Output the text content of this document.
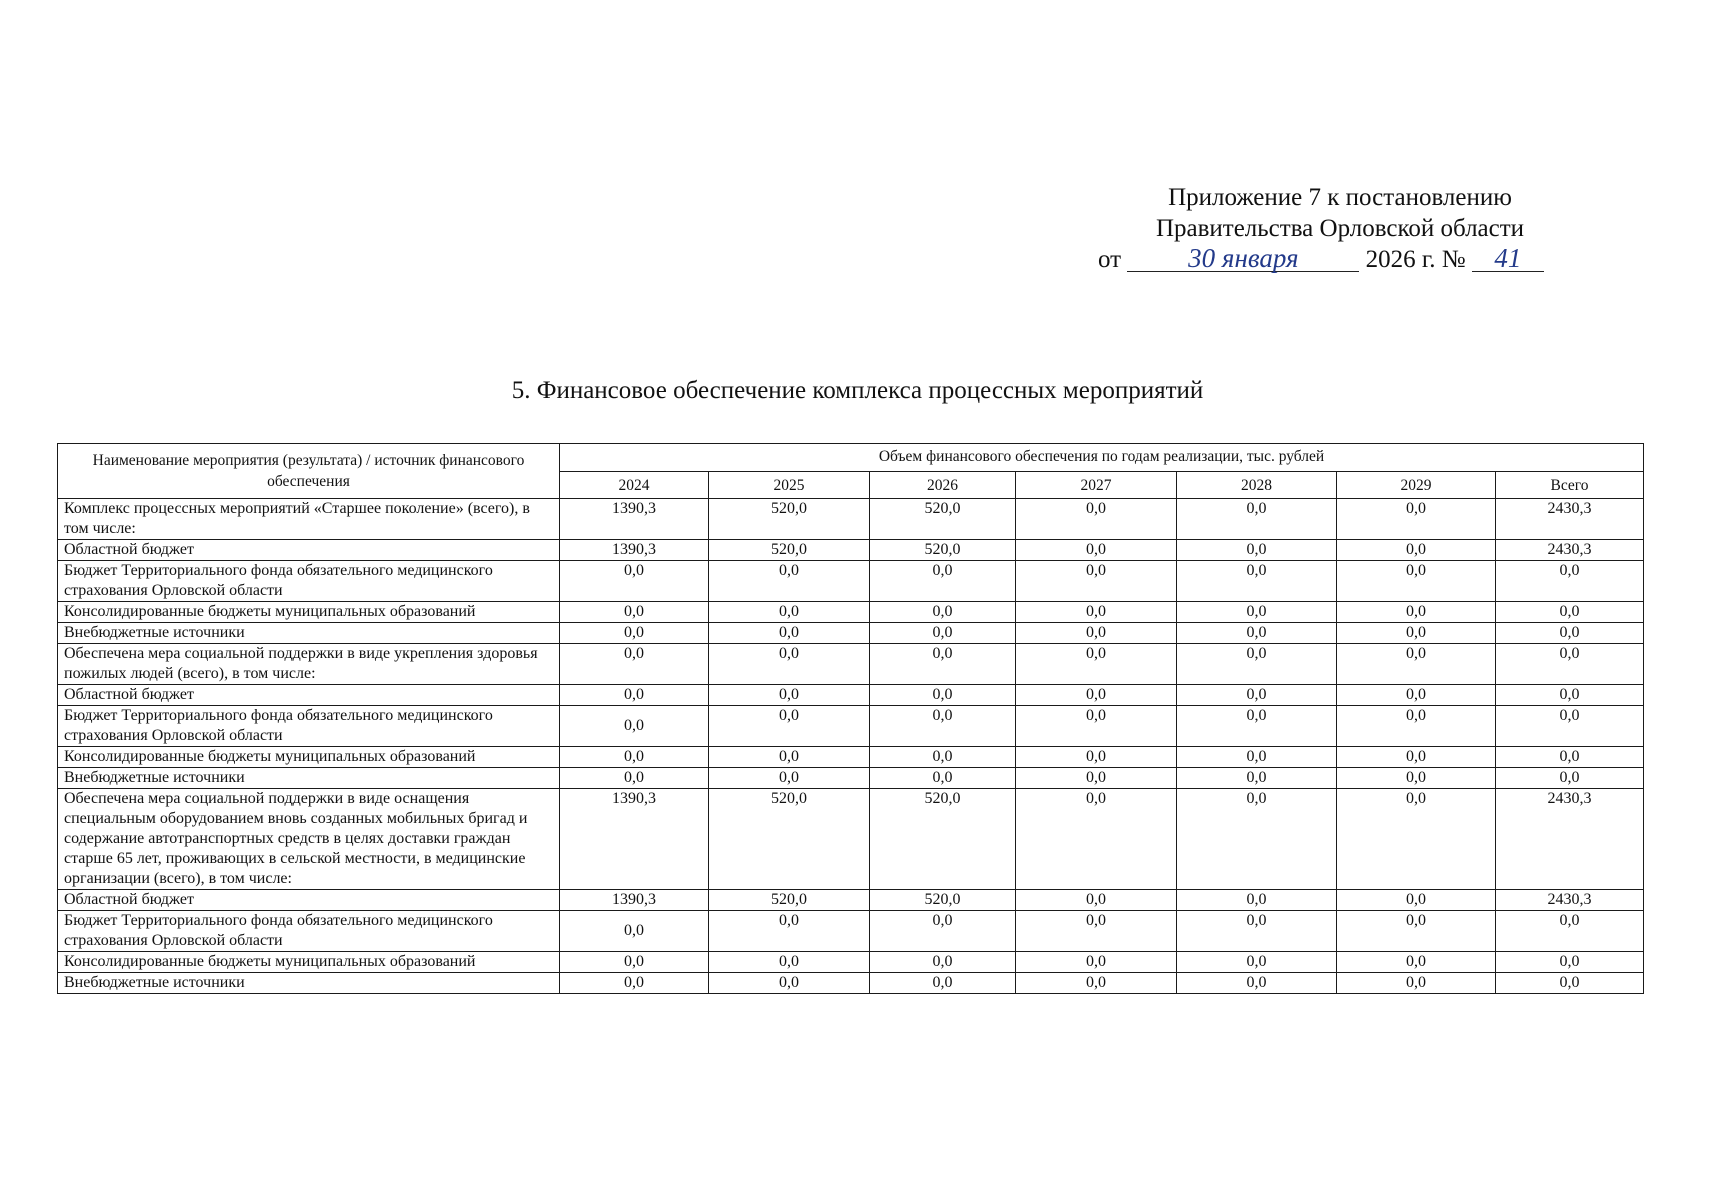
Приложение 7 к постановлению
Правительства Орловской области
от 30 января	2026 г. № 41
5. Финансовое обеспечение комплекса процессных мероприятий
Наименование мероприятия (результата) / источник финансового обеспечения	Объем финансового обеспечения по годам реализации, тыс. рублей						
	2024	2025	2026	2027	2028	2029	Всего
Комплекс процессных мероприятий «Старшее поколение» (всего), в том числе:	1390,3	520,0	520,0	0,0	0,0	0,0	2430,3
Областной бюджет	1390,3	520,0	520,0	0,0	0,0	0,0	2430,3
Бюджет Территориального фонда обязательного медицинского страхования Орловской области	0,0	0,0	0,0	0,0	0,0	0,0	0,0
Консолидированные бюджеты муниципальных образований	0,0	0,0	0,0	0,0	0,0	0,0	0,0
Внебюджетные источники	0,0	0,0	0,0	0,0	0,0	0,0	0,0
Обеспечена мера социальной поддержки в виде укрепления здоровья пожилых людей (всего), в том числе:	0,0	0,0	0,0	0,0	0,0	0,0	0,0
Областной бюджет	0,0	0,0	0,0	0,0	0,0	0,0	0,0
Бюджет Территориального фонда обязательного медицинского страхования Орловской области	0,0	0,0	0,0	0,0	0,0	0,0	0,0
Консолидированные бюджеты муниципальных образований	0,0	0,0	0,0	0,0	0,0	0,0	0,0
Внебюджетные источники	0,0	0,0	0,0	0,0	0,0	0,0	0,0
Обеспечена мера социальной поддержки в виде оснащения специальным оборудованием вновь созданных мобильных бригад и содержание автотранспортных средств в целях доставки граждан старше 65 лет, проживающих в сельской местности, в медицинские организации (всего), в том числе:	1390,3	520,0	520,0	0,0	0,0	0,0	2430,3
Областной бюджет	1390,3	520,0	520,0	0,0	0,0	0,0	2430,3
Бюджет Территориального фонда обязательного медицинского страхования Орловской области	0,0	0,0	0,0	0,0	0,0	0,0	0,0
Консолидированные бюджеты муниципальных образований	0,0	0,0	0,0	0,0	0,0	0,0	0,0
Внебюджетные источники	0,0	0,0	0,0	0,0	0,0	0,0	0,0
